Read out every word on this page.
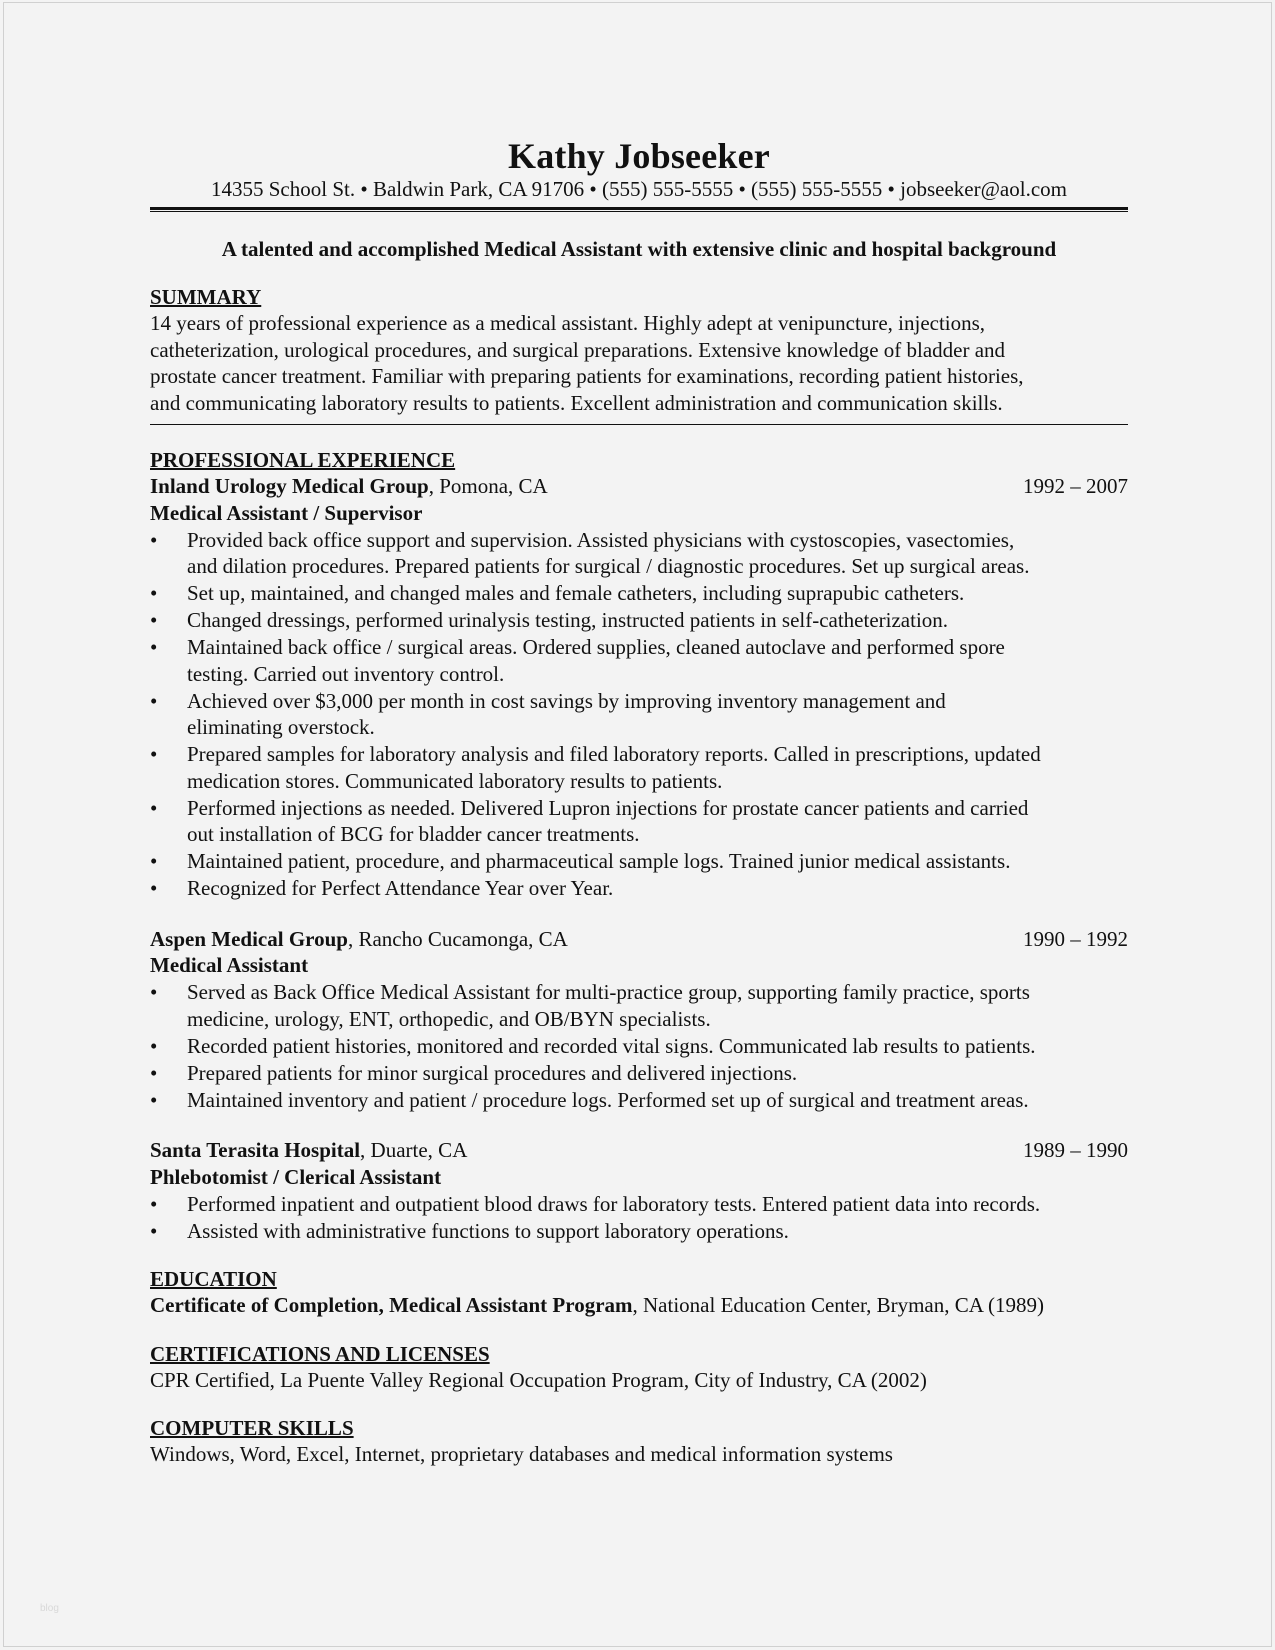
Kathy Jobseeker
14355 School St. • Baldwin Park, CA 91706 • (555) 555-5555 • (555) 555-5555 • jobseeker@aol.com
A talented and accomplished Medical Assistant with extensive clinic and hospital background
SUMMARY
14 years of professional experience as a medical assistant. Highly adept at venipuncture, injections,
catheterization, urological procedures, and surgical preparations. Extensive knowledge of bladder and
prostate cancer treatment. Familiar with preparing patients for examinations, recording patient histories,
and communicating laboratory results to patients. Excellent administration and communication skills.
PROFESSIONAL EXPERIENCE
Inland Urology Medical Group, Pomona, CA	1992 – 2007
Medical Assistant / Supervisor
• Provided back office support and supervision. Assisted physicians with cystoscopies, vasectomies,
and dilation procedures. Prepared patients for surgical / diagnostic procedures. Set up surgical areas.
• Set up, maintained, and changed males and female catheters, including suprapubic catheters.
• Changed dressings, performed urinalysis testing, instructed patients in self-catheterization.
• Maintained back office / surgical areas. Ordered supplies, cleaned autoclave and performed spore
testing. Carried out inventory control.
• Achieved over $3,000 per month in cost savings by improving inventory management and
eliminating overstock.
• Prepared samples for laboratory analysis and filed laboratory reports. Called in prescriptions, updated
medication stores. Communicated laboratory results to patients.
• Performed injections as needed. Delivered Lupron injections for prostate cancer patients and carried
out installation of BCG for bladder cancer treatments.
• Maintained patient, procedure, and pharmaceutical sample logs. Trained junior medical assistants.
• Recognized for Perfect Attendance Year over Year.
Aspen Medical Group, Rancho Cucamonga, CA	1990 – 1992
Medical Assistant
• Served as Back Office Medical Assistant for multi-practice group, supporting family practice, sports
medicine, urology, ENT, orthopedic, and OB/BYN specialists.
• Recorded patient histories, monitored and recorded vital signs. Communicated lab results to patients.
• Prepared patients for minor surgical procedures and delivered injections.
• Maintained inventory and patient / procedure logs. Performed set up of surgical and treatment areas.
Santa Terasita Hospital, Duarte, CA	1989 – 1990
Phlebotomist / Clerical Assistant
• Performed inpatient and outpatient blood draws for laboratory tests. Entered patient data into records.
• Assisted with administrative functions to support laboratory operations.
EDUCATION
Certificate of Completion, Medical Assistant Program, National Education Center, Bryman, CA (1989)
CERTIFICATIONS AND LICENSES
CPR Certified, La Puente Valley Regional Occupation Program, City of Industry, CA (2002)
COMPUTER SKILLS
Windows, Word, Excel, Internet, proprietary databases and medical information systems
blog
